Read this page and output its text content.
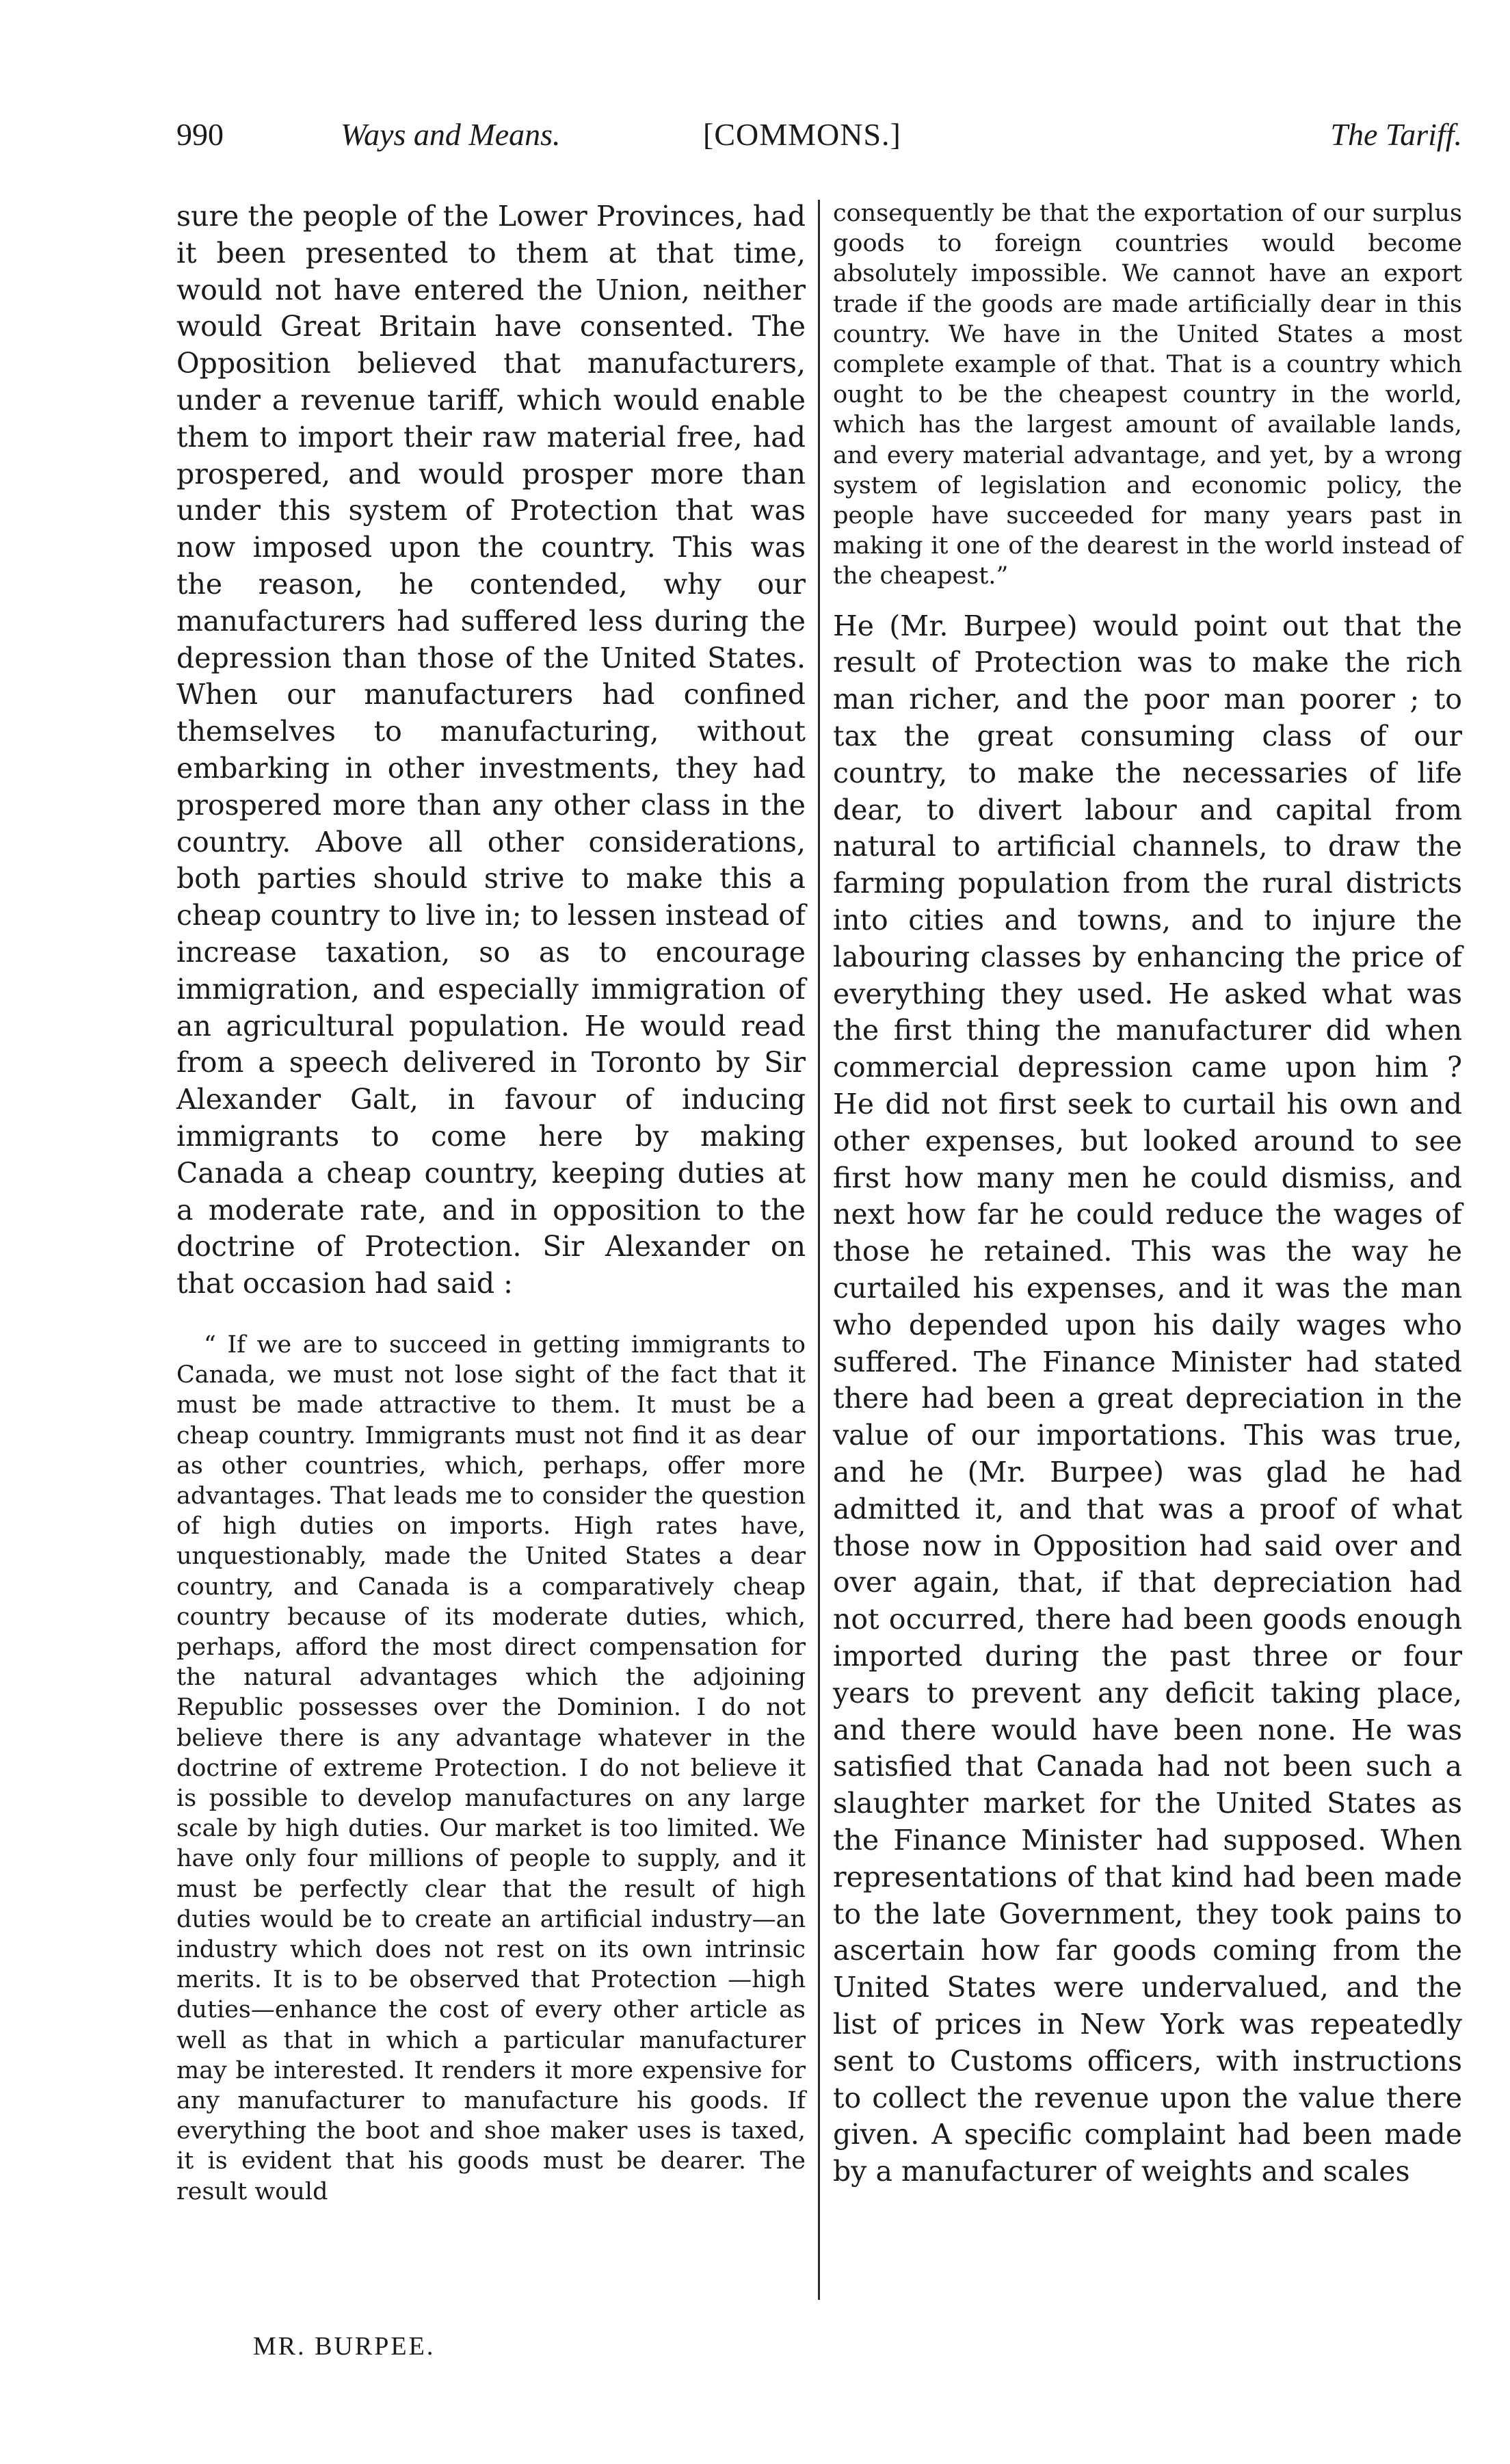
990	Ways and Means.	[COMMONS.]	The Tariff.

sure the people of the Lower Provinces, had it been presented to them at that time, would not have entered the Union, neither would Great Britain have consented. The Opposition believed that manufacturers, under a revenue tariff, which would enable them to import their raw material free, had prospered, and would prosper more than under this system of Protection that was now imposed upon the country. This was the reason, he contended, why our manufacturers had suffered less during the depression than those of the United States. When our manufacturers had confined themselves to manufacturing, without embarking in other investments, they had prospered more than any other class in the country. Above all other considerations, both parties should strive to make this a cheap country to live in; to lessen instead of increase taxation, so as to encourage immigration, and especially immigration of an agricultural population. He would read from a speech delivered in Toronto by Sir Alexander Galt, in favour of inducing immigrants to come here by making Canada a cheap country, keeping duties at a moderate rate, and in opposition to the doctrine of Protection. Sir Alexander on that occasion had said :

“ If we are to succeed in getting immigrants to Canada, we must not lose sight of the fact that it must be made attractive to them. It must be a cheap country. Immigrants must not find it as dear as other countries, which, perhaps, offer more advantages. That leads me to consider the question of high duties on imports. High rates have, unquestionably, made the United States a dear country, and Canada is a comparatively cheap country because of its moderate duties, which, perhaps, afford the most direct compensation for the natural advantages which the adjoining Republic possesses over the Dominion. I do not believe there is any advantage whatever in the doctrine of extreme Protection. I do not believe it is possible to develop manufactures on any large scale by high duties. Our market is too limited. We have only four millions of people to supply, and it must be perfectly clear that the result of high duties would be to create an artificial industry—an industry which does not rest on its own intrinsic merits. It is to be observed that Protection —high duties—enhance the cost of every other article as well as that in which a particular manufacturer may be interested. It renders it more expensive for any manufacturer to manufacture his goods. If everything the boot and shoe maker uses is taxed, it is evident that his goods must be dearer. The result would

consequently be that the exportation of our surplus goods to foreign countries would become absolutely impossible. We cannot have an export trade if the goods are made artificially dear in this country. We have in the United States a most complete example of that. That is a country which ought to be the cheapest country in the world, which has the largest amount of available lands, and every material advantage, and yet, by a wrong system of legislation and economic policy, the people have succeeded for many years past in making it one of the dearest in the world instead of the cheapest.”

He (Mr. Burpee) would point out that the result of Protection was to make the rich man richer, and the poor man poorer ; to tax the great consuming class of our country, to make the necessaries of life dear, to divert labour and capital from natural to artificial channels, to draw the farming population from the rural districts into cities and towns, and to injure the labouring classes by enhancing the price of everything they used. He asked what was the first thing the manufacturer did when commercial depression came upon him ? He did not first seek to curtail his own and other expenses, but looked around to see first how many men he could dismiss, and next how far he could reduce the wages of those he retained. This was the way he curtailed his expenses, and it was the man who depended upon his daily wages who suffered. The Finance Minister had stated there had been a great depreciation in the value of our importations. This was true, and he (Mr. Burpee) was glad he had admitted it, and that was a proof of what those now in Opposition had said over and over again, that, if that depreciation had not occurred, there had been goods enough imported during the past three or four years to prevent any deficit taking place, and there would have been none. He was satisfied that Canada had not been such a slaughter market for the United States as the Finance Minister had supposed. When representations of that kind had been made to the late Government, they took pains to ascertain how far goods coming from the United States were undervalued, and the list of prices in New York was repeatedly sent to Customs officers, with instructions to collect the revenue upon the value there given. A specific complaint had been made by a manufacturer of weights and scales

MR. BURPEE.
